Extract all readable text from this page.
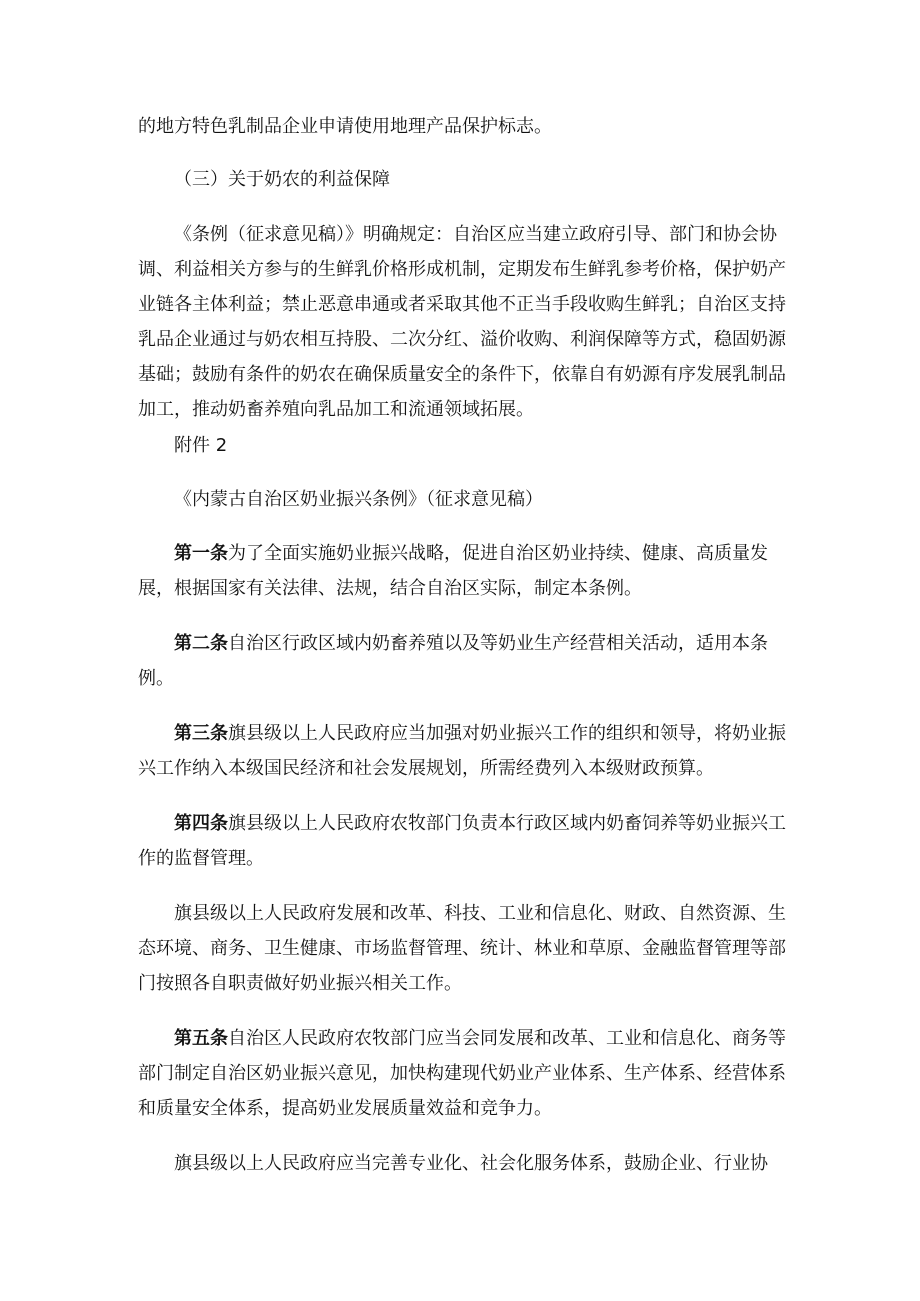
的地方特色乳制品企业申请使用地理产品保护标志。

（三）关于奶农的利益保障

《条例（征求意见稿）》明确规定：自治区应当建立政府引导、部门和协会协调、利益相关方参与的生鲜乳价格形成机制，定期发布生鲜乳参考价格，保护奶产业链各主体利益；禁止恶意串通或者采取其他不正当手段收购生鲜乳；自治区支持乳品企业通过与奶农相互持股、二次分红、溢价收购、利润保障等方式，稳固奶源基础；鼓励有条件的奶农在确保质量安全的条件下，依靠自有奶源有序发展乳制品加工，推动奶畜养殖向乳品加工和流通领域拓展。

附件 2

《内蒙古自治区奶业振兴条例》（征求意见稿）

第一条为了全面实施奶业振兴战略，促进自治区奶业持续、健康、高质量发展，根据国家有关法律、法规，结合自治区实际，制定本条例。

第二条自治区行政区域内奶畜养殖以及等奶业生产经营相关活动，适用本条例。

第三条旗县级以上人民政府应当加强对奶业振兴工作的组织和领导，将奶业振兴工作纳入本级国民经济和社会发展规划，所需经费列入本级财政预算。

第四条旗县级以上人民政府农牧部门负责本行政区域内奶畜饲养等奶业振兴工作的监督管理。

旗县级以上人民政府发展和改革、科技、工业和信息化、财政、自然资源、生态环境、商务、卫生健康、市场监督管理、统计、林业和草原、金融监督管理等部门按照各自职责做好奶业振兴相关工作。

第五条自治区人民政府农牧部门应当会同发展和改革、工业和信息化、商务等部门制定自治区奶业振兴意见，加快构建现代奶业产业体系、生产体系、经营体系和质量安全体系，提高奶业发展质量效益和竞争力。

旗县级以上人民政府应当完善专业化、社会化服务体系，鼓励企业、行业协
